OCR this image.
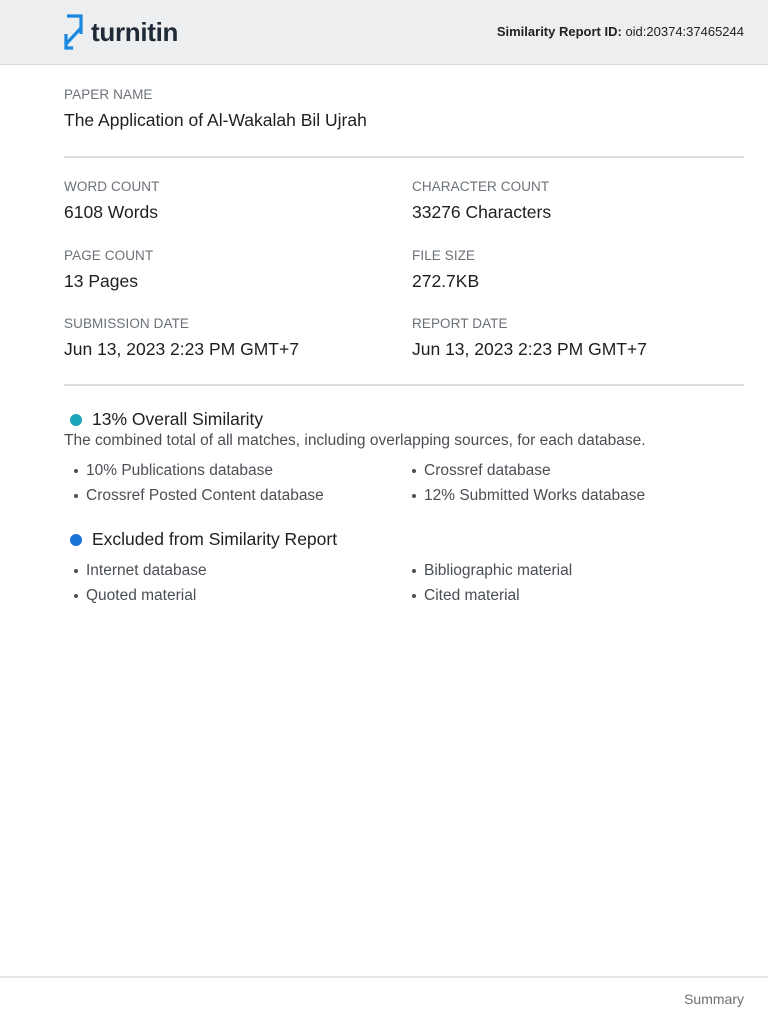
turnitin	Similarity Report ID: oid:20374:37465244
PAPER NAME
The Application of Al-Wakalah Bil Ujrah
WORD COUNT
6108 Words
CHARACTER COUNT
33276 Characters
PAGE COUNT
13 Pages
FILE SIZE
272.7KB
SUBMISSION DATE
Jun 13, 2023 2:23 PM GMT+7
REPORT DATE
Jun 13, 2023 2:23 PM GMT+7
13% Overall Similarity
The combined total of all matches, including overlapping sources, for each database.
10% Publications database	Crossref database
Crossref Posted Content database	12% Submitted Works database
Excluded from Similarity Report
Internet database	Bibliographic material
Quoted material	Cited material
Summary
